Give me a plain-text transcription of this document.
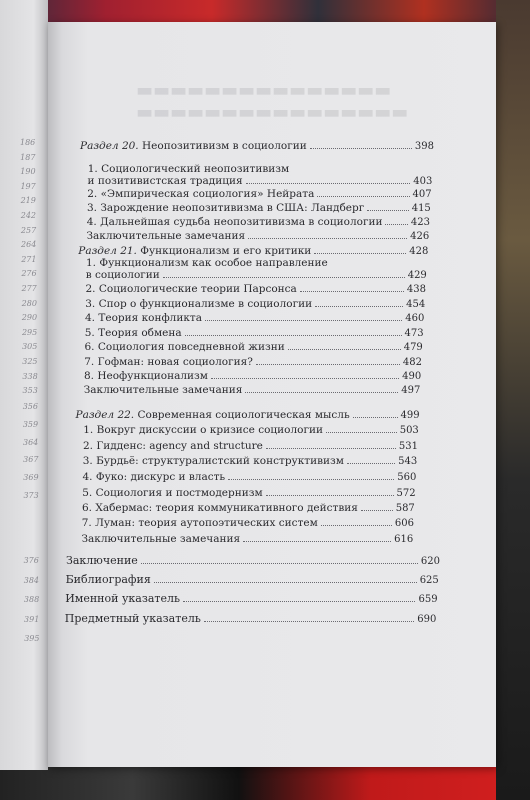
186
187
190
197
219
242
257
264
271
276
277
280
290
295
305
325
338
353
356
359
364
367
369
373
376
384
388
391
395
▬▬▬▬▬▬▬▬▬▬▬▬▬▬▬
▬▬▬▬▬▬▬▬▬▬▬▬▬▬▬▬
Раздел 20. Неопозитивизм в социологии	398
1. Социологический неопозитивизм
и позитивистская традиция	403
2. «Эмпирическая социология» Нейрата	407
3. Зарождение неопозитивизма в США: Ландберг	415
4. Дальнейшая судьба неопозитивизма в социологии	423
Заключительные замечания	426
Раздел 21. Функционализм и его критики	428
1. Функционализм как особое направление
в социологии	429
2. Социологические теории Парсонса	438
3. Спор о функционализме в социологии	454
4. Теория конфликта	460
5. Теория обмена	473
6. Социология повседневной жизни	479
7. Гофман: новая социология?	482
8. Неофункционализм	490
Заключительные замечания	497
Раздел 22. Современная социологическая мысль	499
1. Вокруг дискуссии о кризисе социологии	503
2. Гидденс: agency and structure	531
3. Бурдьё: структуралистский конструктивизм	543
4. Фуко: дискурс и власть	560
5. Социология и постмодернизм	572
6. Хабермас: теория коммуникативного действия	587
7. Луман: теория аутопоэтических систем	606
Заключительные замечания	616
Заключение	620
Библиография	625
Именной указатель	659
Предметный указатель	690
